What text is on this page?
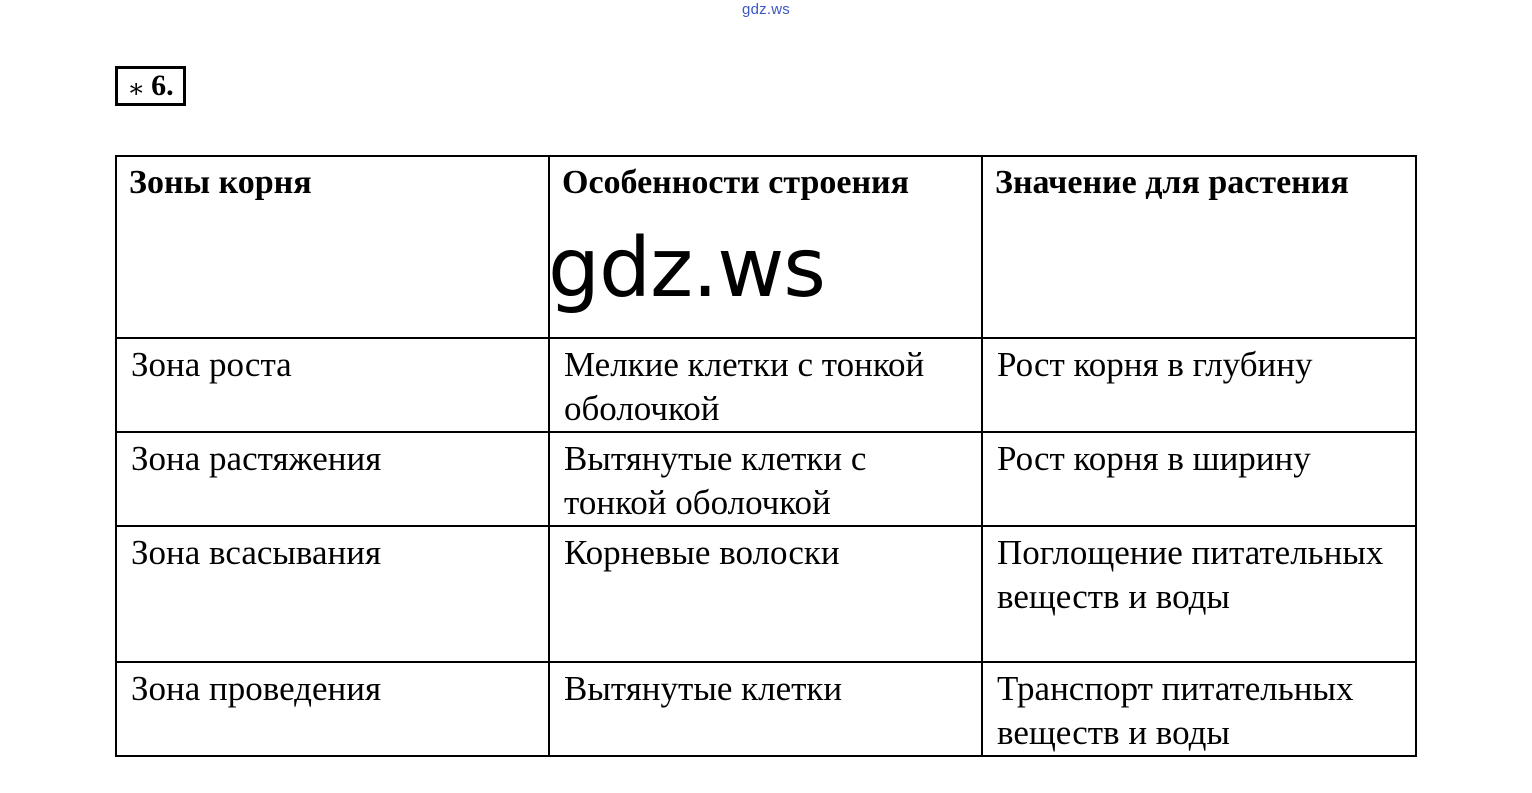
gdz.ws
∗ 6.
Зоны корня	Особенности строения	Значение для растения
Зона роста	Мелкие клетки с тонкой оболочкой	Рост корня в глубину
Зона растяжения	Вытянутые клетки с тонкой оболочкой	Рост корня в ширину
Зона всасывания	Корневые волоски	Поглощение питательных веществ и воды
Зона проведения	Вытянутые клетки	Транспорт питательных веществ и воды
gdz.ws
